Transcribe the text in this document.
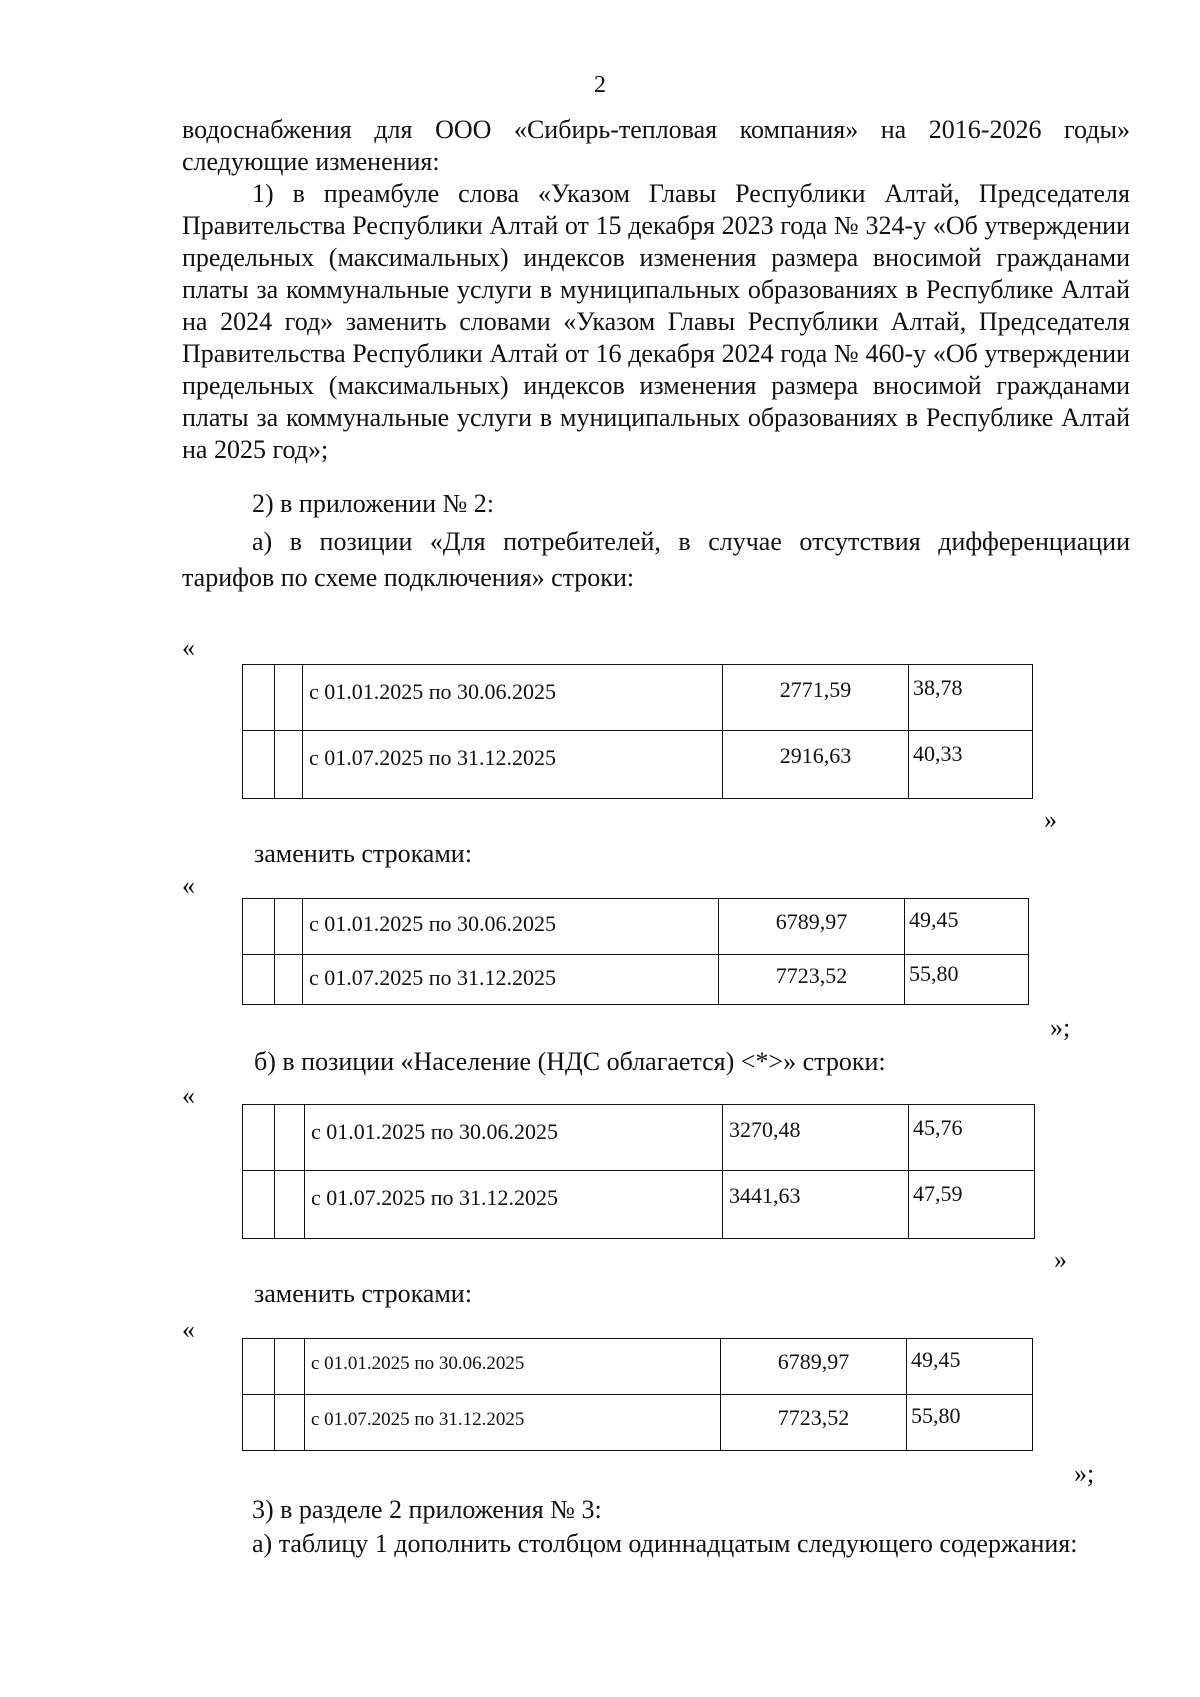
2

водоснабжения для ООО «Сибирь-тепловая компания» на 2016-2026 годы»

следующие изменения:

1) в преамбуле слова «Указом Главы Республики Алтай, Председателя Правительства Республики Алтай от 15 декабря 2023 года № 324-у «Об утверждении предельных (максимальных) индексов изменения размера вносимой гражданами платы за коммунальные услуги в муниципальных образованиях в Республике Алтай на 2024 год» заменить словами «Указом Главы Республики Алтай, Председателя Правительства Республики Алтай от 16 декабря 2024 года № 460-у «Об утверждении предельных (максимальных) индексов изменения размера вносимой гражданами платы за коммунальные услуги в муниципальных образованиях в Республике Алтай на 2025 год»;

2) в приложении № 2:

а) в позиции «Для потребителей, в случае отсутствия дифференциации тарифов по схеме подключения» строки:

«
		с 01.01.2025 по 30.06.2025	2771,59	38,78
		с 01.07.2025 по 31.12.2025	2916,63	40,33
»
заменить строками:
«
		с 01.01.2025 по 30.06.2025	6789,97	49,45
		с 01.07.2025 по 31.12.2025	7723,52	55,80
»;
б) в позиции «Население (НДС облагается) <*>» строки:
«
		с 01.01.2025 по 30.06.2025	3270,48	45,76
		с 01.07.2025 по 31.12.2025	3441,63	47,59
»
заменить строками:
«
		с 01.01.2025 по 30.06.2025	6789,97	49,45
		с 01.07.2025 по 31.12.2025	7723,52	55,80
»;
3) в разделе 2 приложения № 3:

а) таблицу 1 дополнить столбцом одиннадцатым следующего содержания:
